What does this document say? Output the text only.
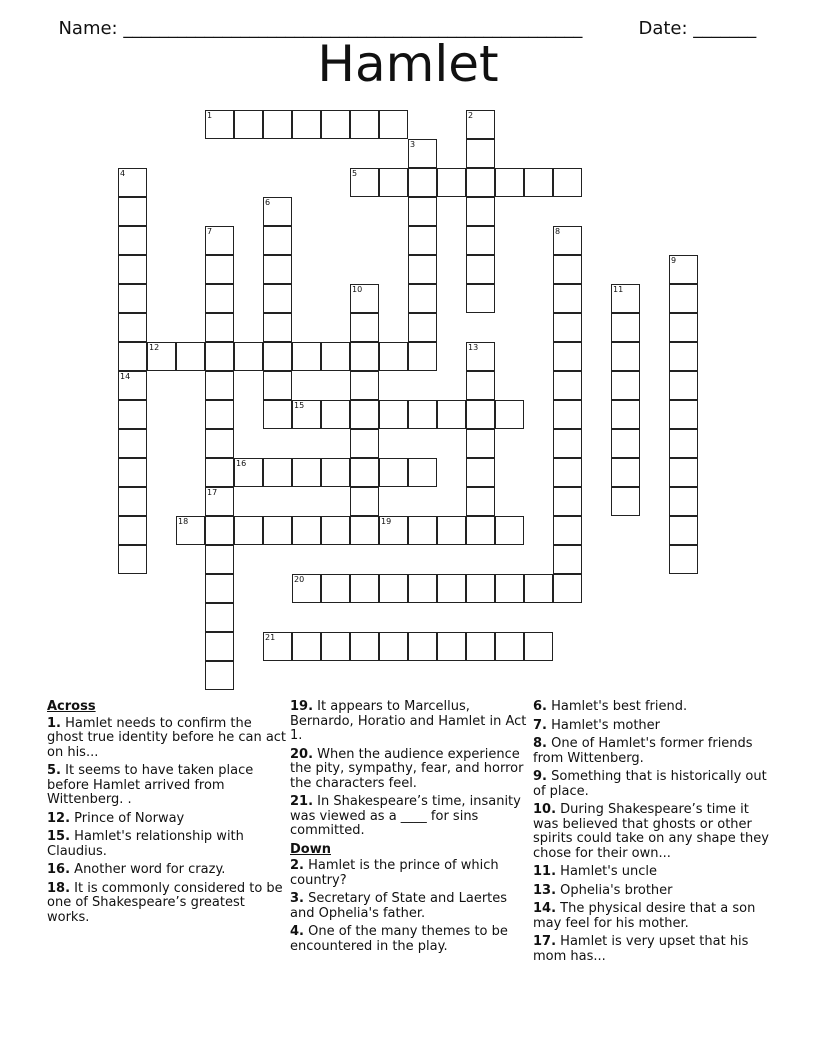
Name: ___________________________________________________	Date: _______

Hamlet
1	2
3
4	5
6
7	8
9
10	11
12	13
14
15
16
17
18	19
20
21
Across
1. Hamlet needs to confirm the ghost true identity before he can act on his...
5. It seems to have taken place before Hamlet arrived from Wittenberg. .
12. Prince of Norway
15. Hamlet's relationship with Claudius.
16. Another word for crazy.
18. It is commonly considered to be one of Shakespeare’s greatest works.
19. It appears to Marcellus, Bernardo, Horatio and Hamlet in Act 1.
20. When the audience experience the pity, sympathy, fear, and horror the characters feel.
21. In Shakespeare’s time, insanity was viewed as a ____ for sins committed.
Down
2. Hamlet is the prince of which country?
3. Secretary of State and Laertes and Ophelia's father.
4. One of the many themes to be encountered in the play.
6. Hamlet's best friend.
7. Hamlet's mother
8. One of Hamlet's former friends from Wittenberg.
9. Something that is historically out of place.
10. During Shakespeare’s time it was believed that ghosts or other spirits could take on any shape they chose for their own...
11. Hamlet's uncle
13. Ophelia's brother
14. The physical desire that a son may feel for his mother.
17. Hamlet is very upset that his mom has...
